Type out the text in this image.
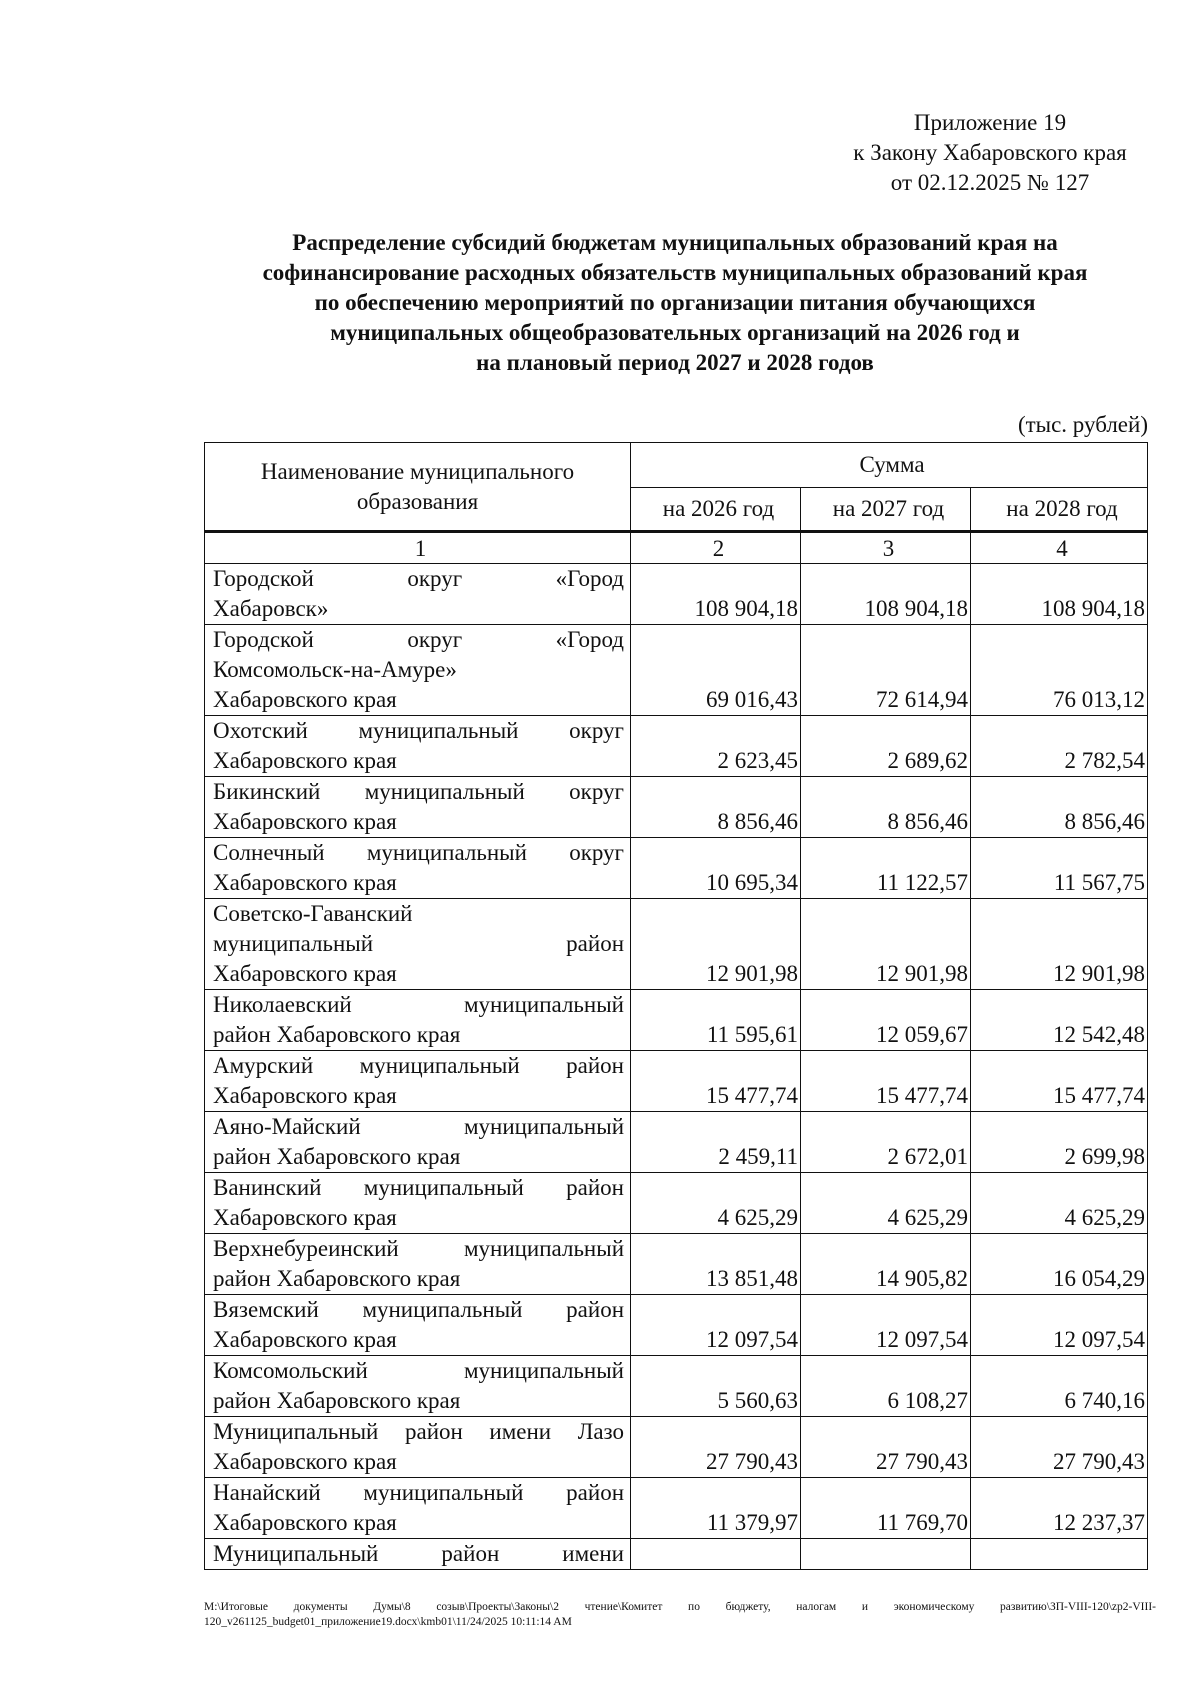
Приложение 19
к Закону Хабаровского края
от 02.12.2025 № 127
Распределение субсидий бюджетам муниципальных образований края на
софинансирование расходных обязательств муниципальных образований края
по обеспечению мероприятий по организации питания обучающихся
муниципальных общеобразовательных организаций на 2026 год и
на плановый период 2027 и 2028 годов
(тыс. рублей)
Наименование муниципального образования	Сумма		
	на 2026 год	на 2027 год	на 2028 год
1	2	3	4

Городской округ «Город
Хабаровск»	108 904,18	108 904,18	108 904,18

Городской округ «Город
Комсомольск-на-Амуре»
Хабаровского края	69 016,43	72 614,94	76 013,12

Охотский муниципальный округ
Хабаровского края	2 623,45	2 689,62	2 782,54

Бикинский муниципальный округ
Хабаровского края	8 856,46	8 856,46	8 856,46

Солнечный муниципальный округ
Хабаровского края	10 695,34	11 122,57	11 567,75

Советско-Гаванский
муниципальный район
Хабаровского края	12 901,98	12 901,98	12 901,98

Николаевский муниципальный
район Хабаровского края	11 595,61	12 059,67	12 542,48

Амурский муниципальный район
Хабаровского края	15 477,74	15 477,74	15 477,74

Аяно-Майский муниципальный
район Хабаровского края	2 459,11	2 672,01	2 699,98

Ванинский муниципальный район
Хабаровского края	4 625,29	4 625,29	4 625,29

Верхнебуреинский муниципальный
район Хабаровского края	13 851,48	14 905,82	16 054,29

Вяземский муниципальный район
Хабаровского края	12 097,54	12 097,54	12 097,54

Комсомольский муниципальный
район Хабаровского края	5 560,63	6 108,27	6 740,16

Муниципальный район имени Лазо
Хабаровского края	27 790,43	27 790,43	27 790,43

Нанайский муниципальный район
Хабаровского края	11 379,97	11 769,70	12 237,37

Муниципальный район имени			

М:\Итоговые документы Думы\8 созыв\Проекты\Законы\2 чтение\Комитет по бюджету, налогам и экономическому развитию\ЗП-VIII-120\zp2-VIII-120_v261125_budget01_приложение19.docx\kmb01\11/24/2025 10:11:14 AM
